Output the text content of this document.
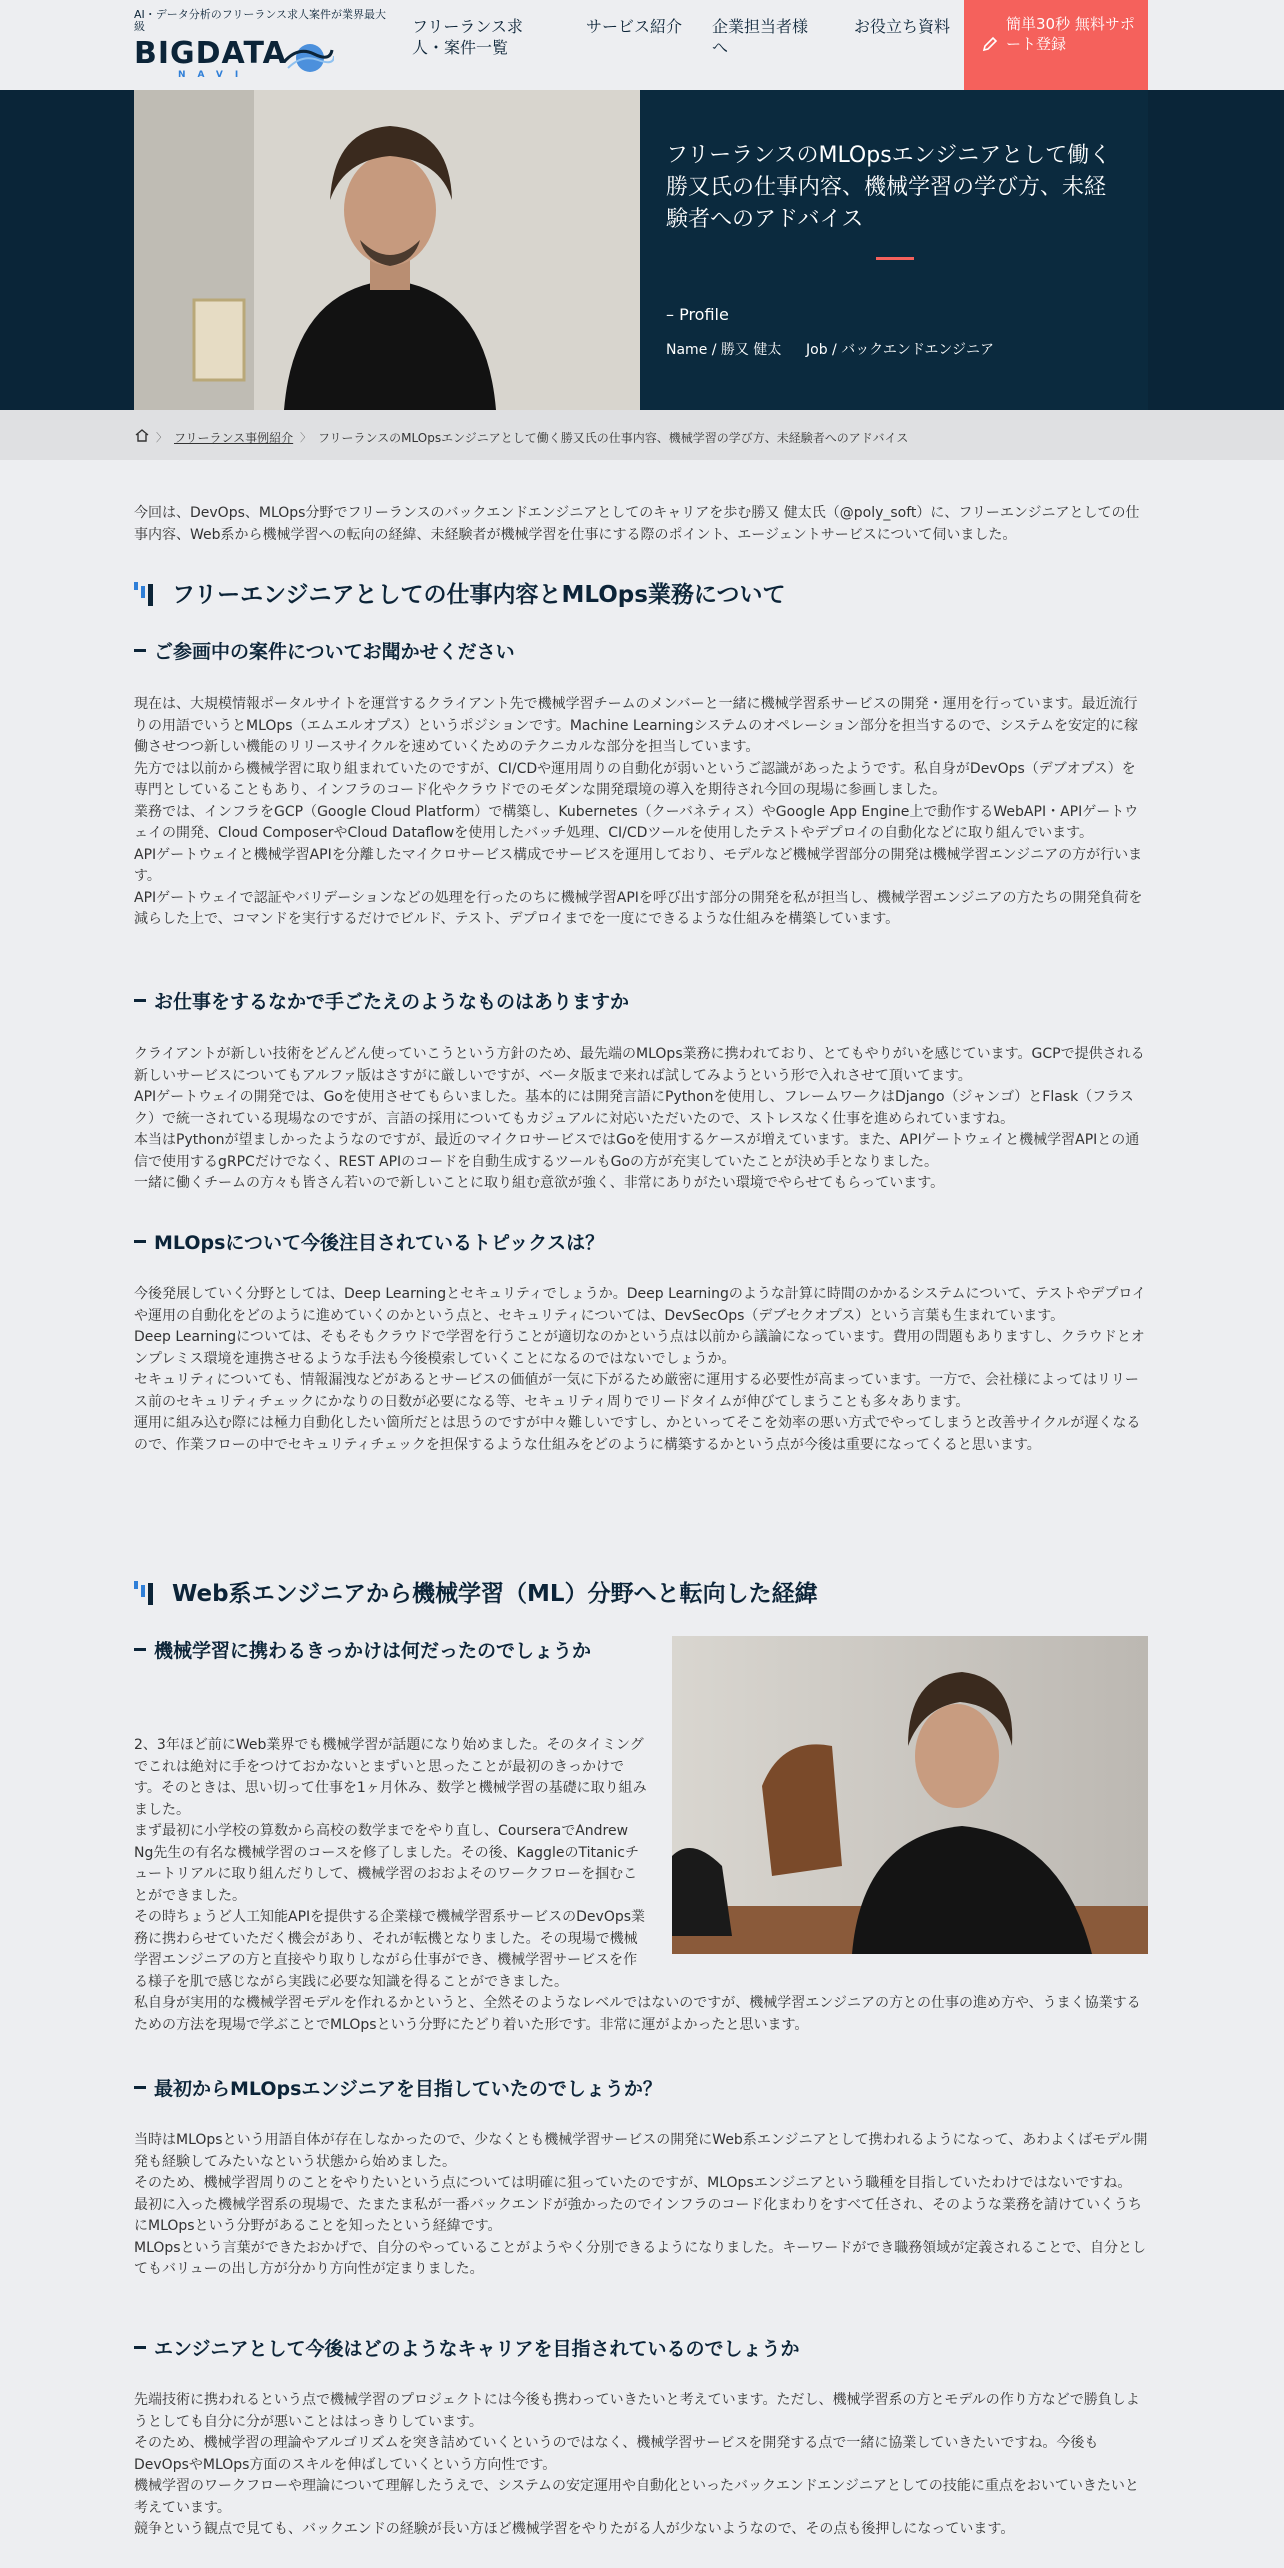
AI・データ分析のフリーランス求人案件が業界最大級
BIGDATA
NAVI
フリーランス求人・案件一覧
サービス紹介 企業担当者様へ
お役立ち資料	簡単30秒 無料サポート登録
フリーランスのMLOpsエンジニアとして働く勝又氏の仕事内容、機械学習の学び方、未経験者へのアドバイス
– Profile
Name / 勝又 健太 Job / バックエンドエンジニア
〉 フリーランス事例紹介 〉 フリーランスのMLOpsエンジニアとして働く勝又氏の仕事内容、機械学習の学び方、未経験者へのアドバイス
今回は、DevOps、MLOps分野でフリーランスのバックエンドエンジニアとしてのキャリアを歩む勝又 健太氏（@poly_soft）に、フリーエンジニアとしての仕事内容、Web系から機械学習への転向の経緯、未経験者が機械学習を仕事にする際のポイント、エージェントサービスについて伺いました。
フリーエンジニアとしての仕事内容とMLOps業務について
ご参画中の案件についてお聞かせください
現在は、大規模情報ポータルサイトを運営するクライアント先で機械学習チームのメンバーと一緒に機械学習系サービスの開発・運用を行っています。最近流行りの用語でいうとMLOps（エムエルオプス）というポジションです。Machine Learningシステムのオペレーション部分を担当するので、システムを安定的に稼働させつつ新しい機能のリリースサイクルを速めていくためのテクニカルな部分を担当しています。
先方では以前から機械学習に取り組まれていたのですが、CI/CDや運用周りの自動化が弱いというご認識があったようです。私自身がDevOps（デブオプス）を専門としていることもあり、インフラのコード化やクラウドでのモダンな開発環境の導入を期待され今回の現場に参画しました。
業務では、インフラをGCP（Google Cloud Platform）で構築し、Kubernetes（クーバネティス）やGoogle App Engine上で動作するWebAPI・APIゲートウェイの開発、Cloud ComposerやCloud Dataflowを使用したバッチ処理、CI/CDツールを使用したテストやデプロイの自動化などに取り組んでいます。
APIゲートウェイと機械学習APIを分離したマイクロサービス構成でサービスを運用しており、モデルなど機械学習部分の開発は機械学習エンジニアの方が行います。
APIゲートウェイで認証やバリデーションなどの処理を行ったのちに機械学習APIを呼び出す部分の開発を私が担当し、機械学習エンジニアの方たちの開発負荷を減らした上で、コマンドを実行するだけでビルド、テスト、デプロイまでを一度にできるような仕組みを構築しています。
お仕事をするなかで手ごたえのようなものはありますか
クライアントが新しい技術をどんどん使っていこうという方針のため、最先端のMLOps業務に携われており、とてもやりがいを感じています。GCPで提供される新しいサービスについてもアルファ版はさすがに厳しいですが、ベータ版まで来れば試してみようという形で入れさせて頂いてます。
APIゲートウェイの開発では、Goを使用させてもらいました。基本的には開発言語にPythonを使用し、フレームワークはDjango（ジャンゴ）とFlask（フラスク）で統一されている現場なのですが、言語の採用についてもカジュアルに対応いただいたので、ストレスなく仕事を進められていますね。
本当はPythonが望ましかったようなのですが、最近のマイクロサービスではGoを使用するケースが増えています。また、APIゲートウェイと機械学習APIとの通信で使用するgRPCだけでなく、REST APIのコードを自動生成するツールもGoの方が充実していたことが決め手となりました。
一緒に働くチームの方々も皆さん若いので新しいことに取り組む意欲が強く、非常にありがたい環境でやらせてもらっています。
MLOpsについて今後注目されているトピックスは？
今後発展していく分野としては、Deep Learningとセキュリティでしょうか。Deep Learningのような計算に時間のかかるシステムについて、テストやデプロイや運用の自動化をどのように進めていくのかという点と、セキュリティについては、DevSecOps（デブセクオプス）という言葉も生まれています。
Deep Learningについては、そもそもクラウドで学習を行うことが適切なのかという点は以前から議論になっています。費用の問題もありますし、クラウドとオンプレミス環境を連携させるような手法も今後模索していくことになるのではないでしょうか。
セキュリティについても、情報漏洩などがあるとサービスの価値が一気に下がるため厳密に運用する必要性が高まっています。一方で、会社様によってはリリース前のセキュリティチェックにかなりの日数が必要になる等、セキュリティ周りでリードタイムが伸びてしまうことも多々あります。
運用に組み込む際には極力自動化したい箇所だとは思うのですが中々難しいですし、かといってそこを効率の悪い方式でやってしまうと改善サイクルが遅くなるので、作業フローの中でセキュリティチェックを担保するような仕組みをどのように構築するかという点が今後は重要になってくると思います。
Web系エンジニアから機械学習（ML）分野へと転向した経緯
機械学習に携わるきっかけは何だったのでしょうか

2、3年ほど前にWeb業界でも機械学習が話題になり始めました。そのタイミングでこれは絶対に手をつけておかないとまずいと思ったことが最初のきっかけです。そのときは、思い切って仕事を1ヶ月休み、数学と機械学習の基礎に取り組みました。
まず最初に小学校の算数から高校の数学までをやり直し、CourseraでAndrew Ng先生の有名な機械学習のコースを修了しました。その後、KaggleのTitanicチュートリアルに取り組んだりして、機械学習のおおよそのワークフローを掴むことができました。
その時ちょうど人工知能APIを提供する企業様で機械学習系サービスのDevOps業務に携わらせていただく機会があり、それが転機となりました。その現場で機械学習エンジニアの方と直接やり取りしながら仕事ができ、機械学習サービスを作る様子を肌で感じながら実践に必要な知識を得ることができました。
私自身が実用的な機械学習モデルを作れるかというと、全然そのようなレベルではないのですが、機械学習エンジニアの方との仕事の進め方や、うまく協業するための方法を現場で学ぶことでMLOpsという分野にたどり着いた形です。非常に運がよかったと思います。

最初からMLOpsエンジニアを目指していたのでしょうか？
当時はMLOpsという用語自体が存在しなかったので、少なくとも機械学習サービスの開発にWeb系エンジニアとして携われるようになって、あわよくばモデル開発も経験してみたいなという状態から始めました。
そのため、機械学習周りのことをやりたいという点については明確に狙っていたのですが、MLOpsエンジニアという職種を目指していたわけではないですね。
最初に入った機械学習系の現場で、たまたま私が一番バックエンドが強かったのでインフラのコード化まわりをすべて任され、そのような業務を請けていくうちにMLOpsという分野があることを知ったという経緯です。
MLOpsという言葉ができたおかげで、自分のやっていることがようやく分別できるようになりました。キーワードができ職務領域が定義されることで、自分としてもバリューの出し方が分かり方向性が定まりました。
エンジニアとして今後はどのようなキャリアを目指されているのでしょうか
先端技術に携われるという点で機械学習のプロジェクトには今後も携わっていきたいと考えています。ただし、機械学習系の方とモデルの作り方などで勝負しようとしても自分に分が悪いことははっきりしています。
そのため、機械学習の理論やアルゴリズムを突き詰めていくというのではなく、機械学習サービスを開発する点で一緒に協業していきたいですね。今後もDevOpsやMLOps方面のスキルを伸ばしていくという方向性です。
機械学習のワークフローや理論について理解したうえで、システムの安定運用や自動化といったバックエンドエンジニアとしての技能に重点をおいていきたいと考えています。
競争という観点で見ても、バックエンドの経験が長い方ほど機械学習をやりたがる人が少ないようなので、その点も後押しになっています。
